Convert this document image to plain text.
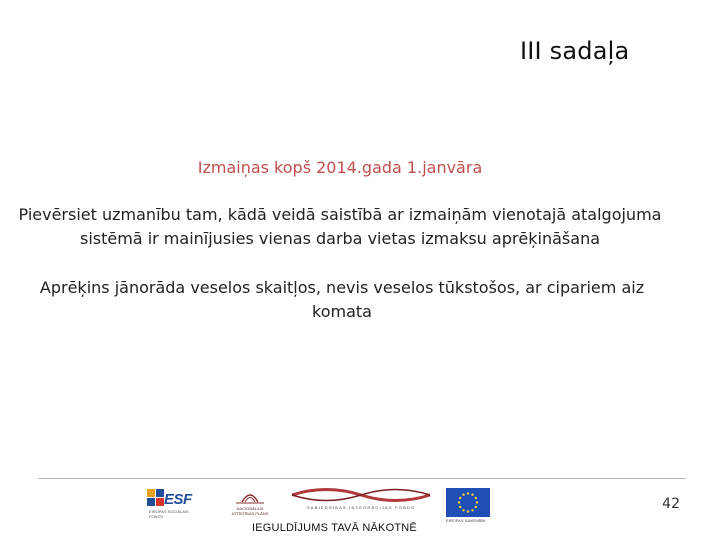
III sadaļa
Izmaiņas kopš 2014.gada 1.janvāra
Pievērsiet uzmanību tam, kādā veidā saistībā ar izmaiņām vienotajā atalgojuma sistēmā ir mainījusies vienas darba vietas izmaksu aprēķināšana
Aprēķins jānorāda veselos skaitļos, nevis veselos tūkstošos, ar cipariem aiz komata
42
ESF
EIROPAS SOCIĀLAIS FONDS
NACIONĀLAIS ATTĪSTĪBAS PLĀNS
SABIEDRĪBAS INTEGRĀCIJAS FONDS
EIROPAS SAVIENĪBA
IEGULDĪJUMS TAVĀ NĀKOTNĒ
